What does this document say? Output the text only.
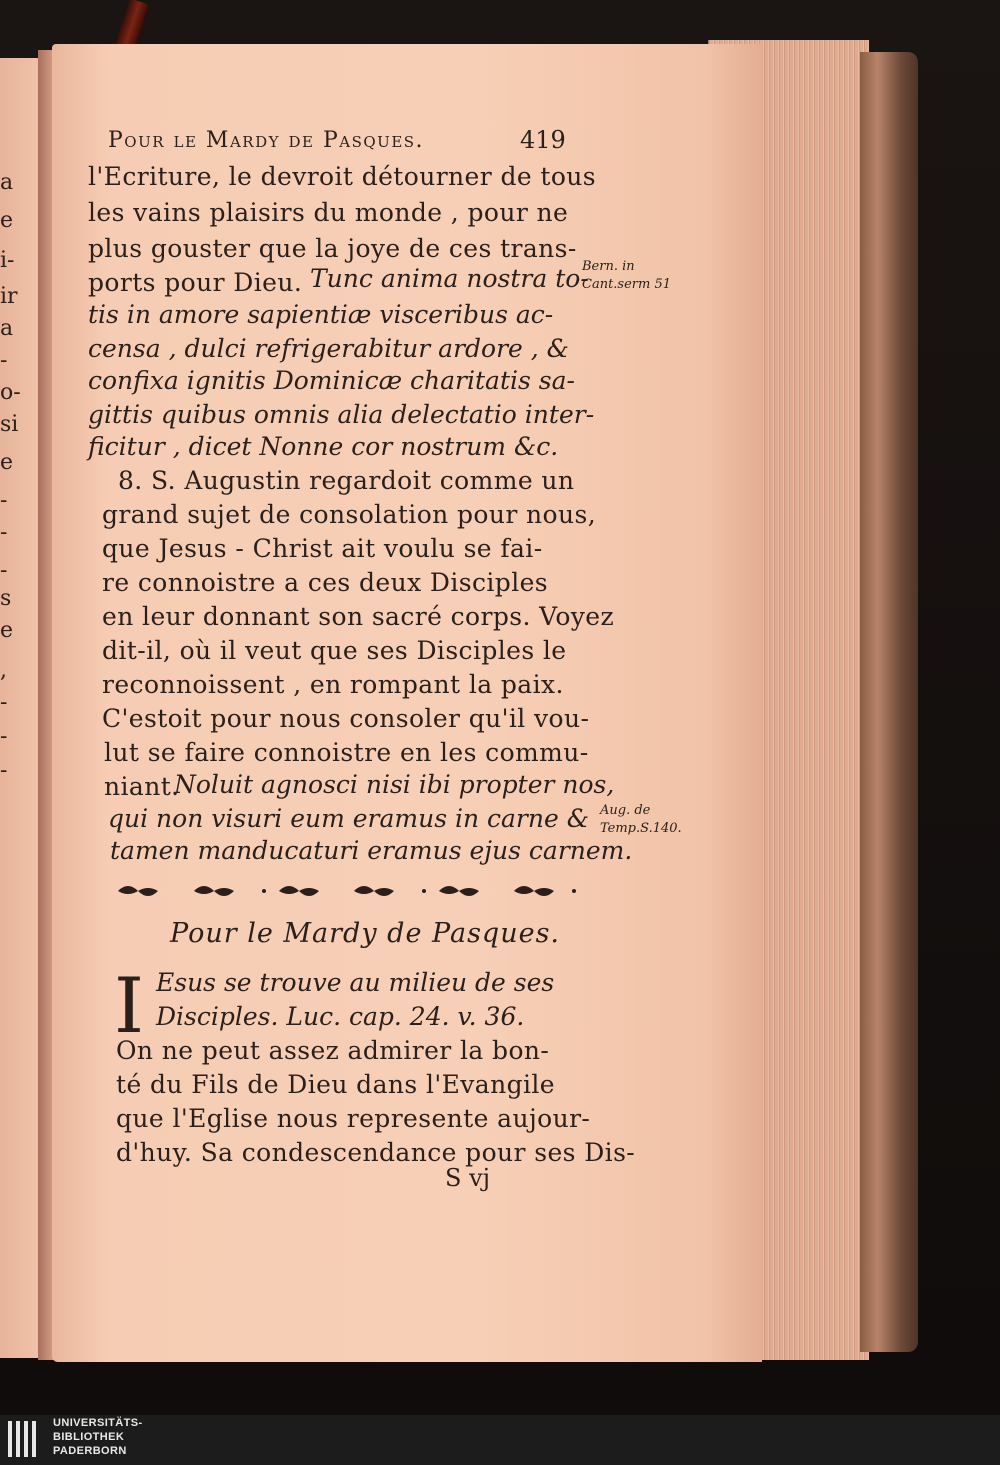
a
e
i-
ir
a
-
o-
si
e
-
-
-
s
e
,
-
-
-
Pour le Mardy de Pasques.	419
l'Ecriture, le devroit détourner de tous
les vains plaisirs du monde , pour ne
plus gouster que la joye de ces trans-
ports pour Dieu. Tunc anima nostra to-
tis in amore sapientiæ visceribus ac-
censa , dulci refrigerabitur ardore , &
confixa ignitis Dominicæ charitatis sa-
gittis quibus omnis alia delectatio inter-
ficitur , dicet Nonne cor nostrum &c.
8. S. Augustin regardoit comme un
grand sujet de consolation pour nous,
que Jesus - Christ ait voulu se fai-
re connoistre a ces deux Disciples
en leur donnant son sacré corps. Voyez
dit-il, où il veut que ses Disciples le
reconnoissent , en rompant la paix.
C'estoit pour nous consoler qu'il vou-
lut se faire connoistre en les commu-
niant.
Noluit agnosci nisi ibi propter nos,
qui non visuri eum eramus in carne &
tamen manducaturi eramus ejus carnem.
Bern. in
Cant.serm 51
Aug. de
Temp.S.140.
Pour le Mardy de Pasques.
I Esus se trouve au milieu de ses
Disciples. Luc. cap. 24. v. 36.
On ne peut assez admirer la bon-
té du Fils de Dieu dans l'Evangile
que l'Eglise nous represente aujour-
d'huy. Sa condescendance pour ses Dis-
S vj
UNIVERSITÄTS-
BIBLIOTHEK
PADERBORN
